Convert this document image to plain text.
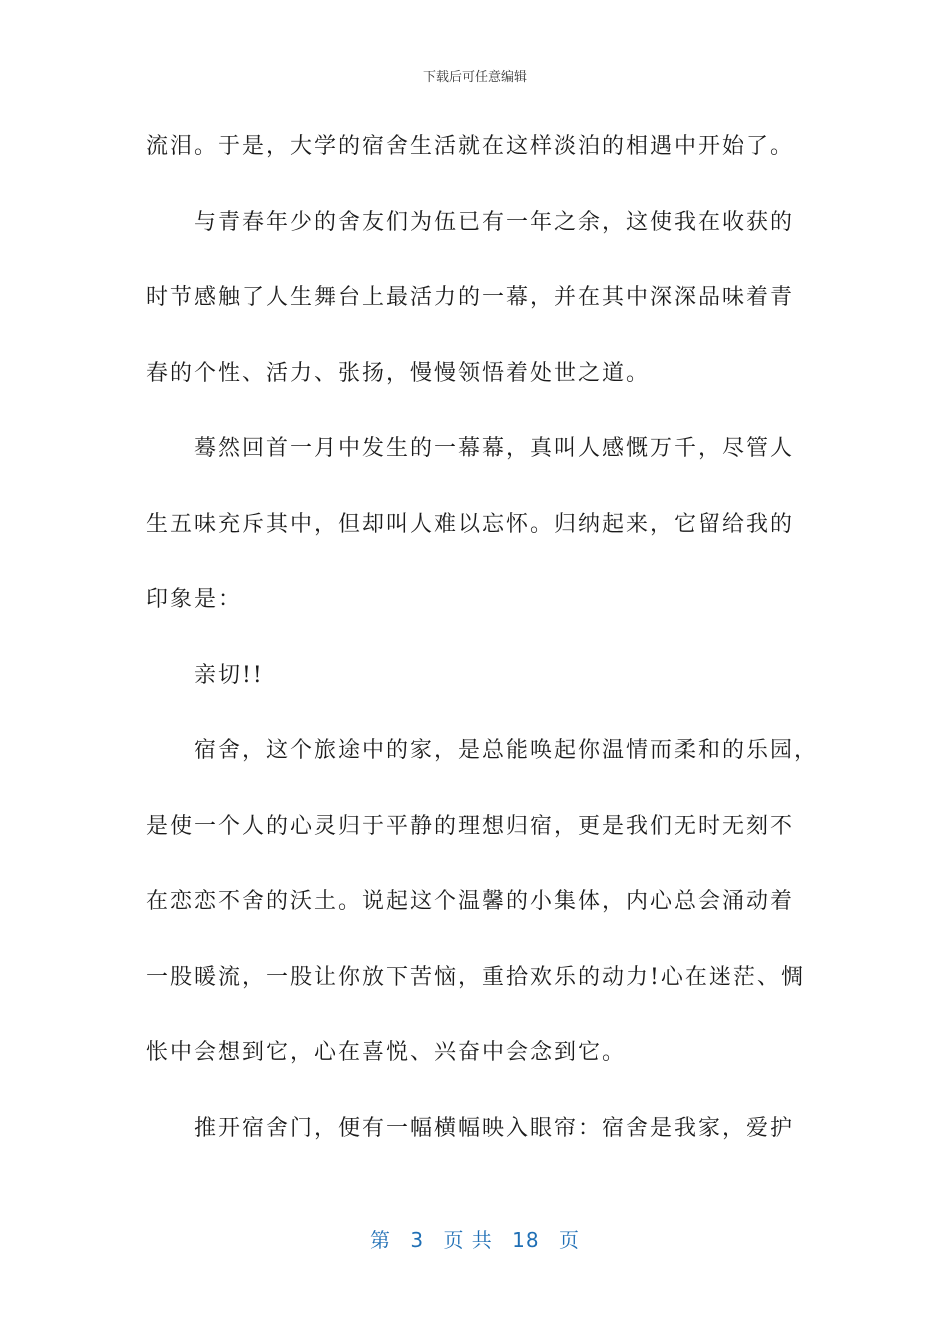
下载后可任意编辑
流泪。于是，大学的宿舍生活就在这样淡泊的相遇中开始了。
与青春年少的舍友们为伍已有一年之余，这使我在收获的
时节感触了人生舞台上最活力的一幕，并在其中深深品味着青
春的个性、活力、张扬，慢慢领悟着处世之道。
蓦然回首一月中发生的一幕幕，真叫人感慨万千，尽管人
生五味充斥其中，但却叫人难以忘怀。归纳起来，它留给我的
印象是：
亲切!!
宿舍，这个旅途中的家，是总能唤起你温情而柔和的乐园，
是使一个人的心灵归于平静的理想归宿，更是我们无时无刻不
在恋恋不舍的沃土。说起这个温馨的小集体，内心总会涌动着
一股暖流，一股让你放下苦恼，重拾欢乐的动力!心在迷茫、惆
怅中会想到它，心在喜悦、兴奋中会念到它。
推开宿舍门，便有一幅横幅映入眼帘：宿舍是我家，爱护
第 3 页 共 18 页
